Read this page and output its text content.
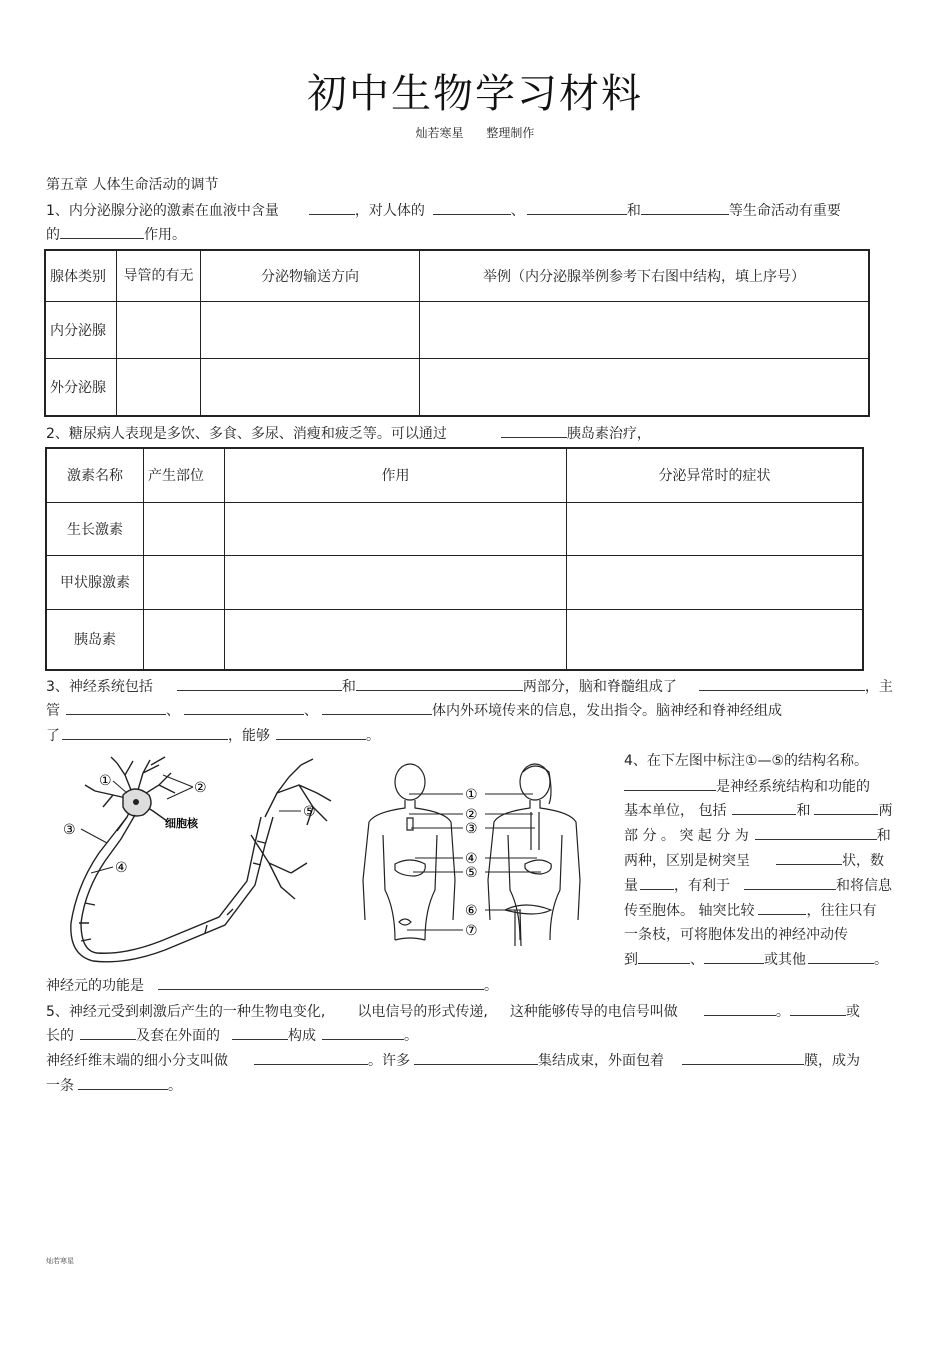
初中生物学习材料
灿若寒星      整理制作
第五章 人体生命活动的调节
1、内分泌腺分泌的激素在血液中含量	，对人体的	、	和	等生命活动有重要
的	作用。
腺体类别	导管的有无	分泌物输送方向	举例（内分泌腺举例参考下右图中结构，填上序号）
内分泌腺			
外分泌腺			
2、糖尿病人表现是多饮、多食、多尿、消瘦和疲乏等。可以通过	胰岛素治疗，
激素名称	产生部位	作用	分泌异常时的症状
生长激素			
甲状腺激素			
胰岛素			
3、神经系统包括	和	两部分，脑和脊髓组成了	，主
管	、	、	体内外环境传来的信息，发出指令。脑神经和脊神经组成
了	，能够	。
①	②
③
④
⑤
细胞核
①
②
③
④
⑤
⑥
⑦
4、在下左图中标注①—⑤的结构名称。
是神经系统结构和功能的
基本单位， 包括	和	两
部 分 。 突 起 分 为	和
两种，区别是树突呈	状，数
量	，有利于	和将信息
传至胞体。 轴突比较	，往往只有
一条枝，可将胞体发出的神经冲动传
到	、	或其他	。
神经元的功能是	。
5、神经元受到刺激后产生的一种生物电变化, 以电信号的形式传递, 这种能够传导的电信号叫做	。	或
长的	及套在外面的	构成	。
神经纤维末端的细小分支叫做	。许多	集结成束，外面包着	膜，成为
一条	。
灿若寒星
